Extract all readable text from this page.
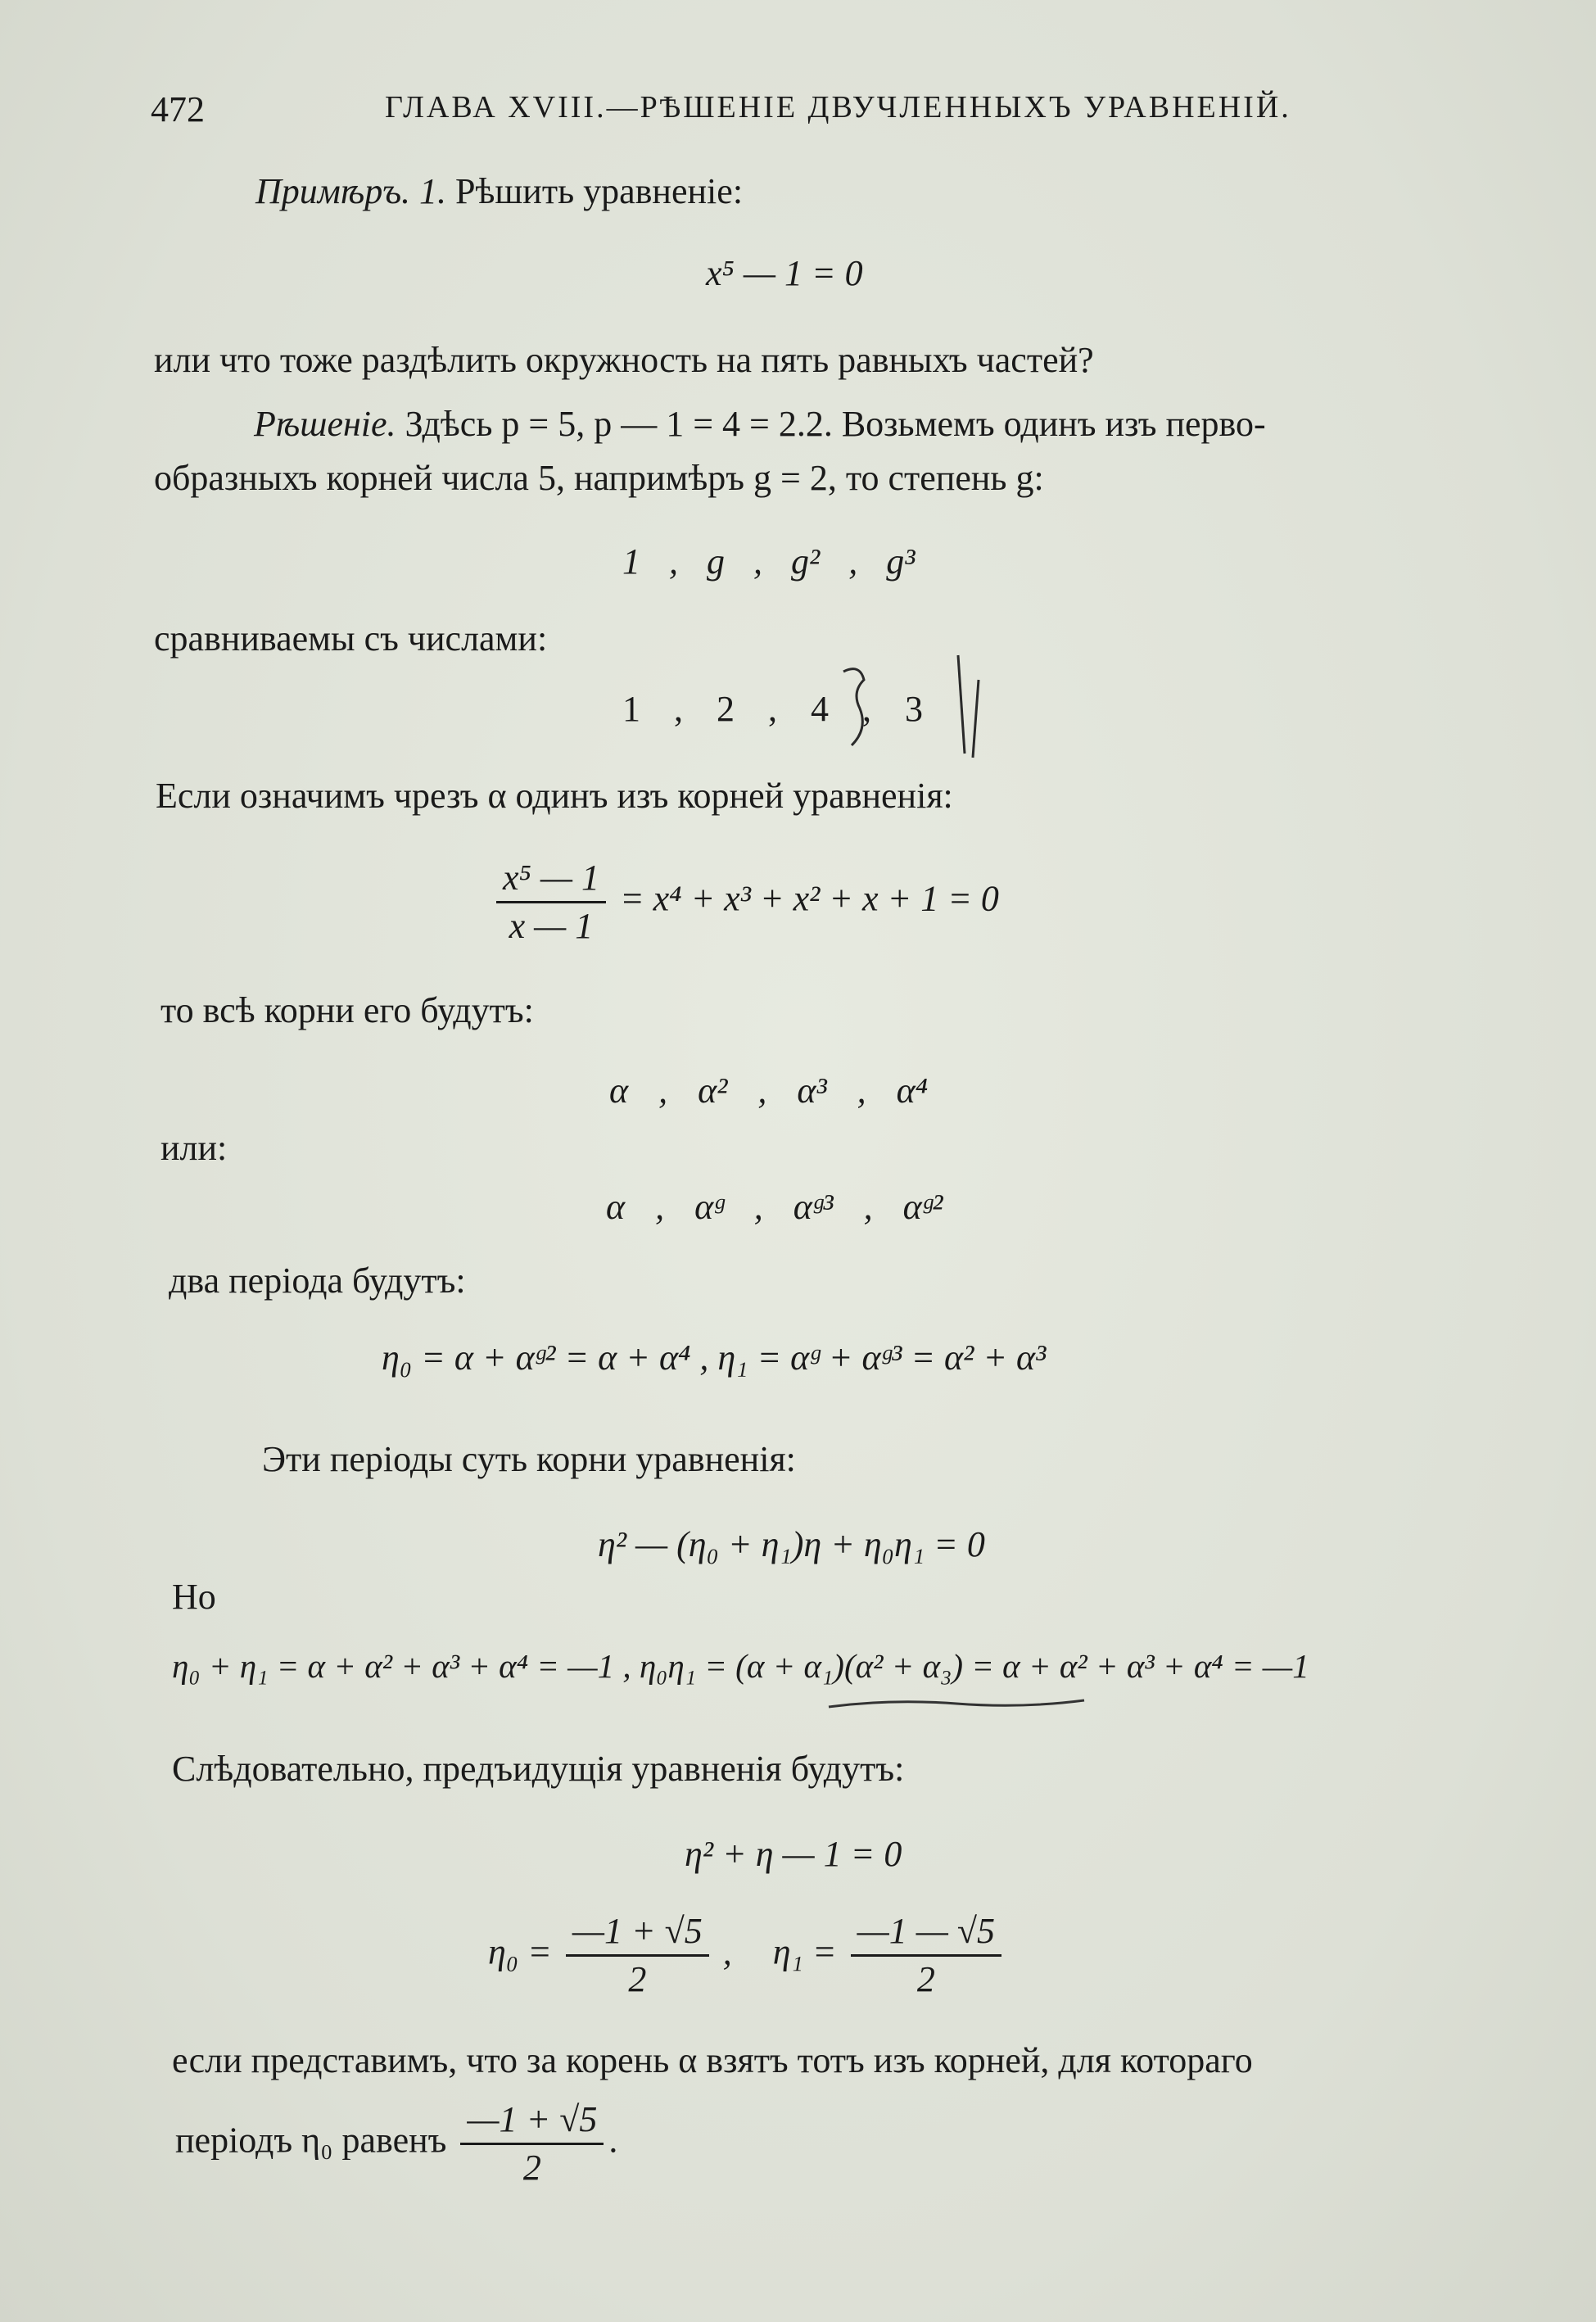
472	ГЛАВА XVIII.—РѢШЕНІЕ ДВУЧЛЕННЫХЪ УРАВНЕНІЙ.
Примѣръ. 1. Рѣшить уравненіе:
x⁵ — 1 = 0
или что тоже раздѣлить окружность на пять равныхъ частей?
Рѣшеніе. Здѣсь p = 5, p — 1 = 4 = 2.2. Возьмемъ одинъ изъ перво-
образныхъ корней числа 5, напримѣръ g = 2, то степень g:
1 , g , g² , g³
сравниваемы съ числами:
1 , 2 , 4 , 3
Если означимъ чрезъ α одинъ изъ корней уравненія:
$\frac{\text{x⁵ — 1}}{x — 1} = x^4 + x^3 + x^2 + x + 1 = 0$
то всѣ корни его будутъ:
α , α² , α³ , α⁴
или:
α , αᵍ , αᵍ³ , αᵍ²
два періода будутъ:
η₀ = α + αᵍ² = α + α⁴ , η₁ = αᵍ + αᵍ³ = α² + α³
Эти періоды суть корни уравненія:
η² — (η₀ + η₁)η + η₀η₁ = 0
Но
η₀ + η₁ = α + α² + α³ + α⁴ = —1 , η₀η₁ = (α + α₁)(α² + α₃) = α + α² + α³ + α⁴ = —1
Слѣдовательно, предъидущія уравненія будутъ:
η² + η — 1 = 0
$\eta_0 = \frac{—1 + √5}{2}$ , $\eta_1 = \frac{—1 — √5}{2}$
если представимъ, что за корень α взятъ тотъ изъ корней, для котораго
періодъ η₀ равенъ $\frac{—1 + √5}{2}$ .
